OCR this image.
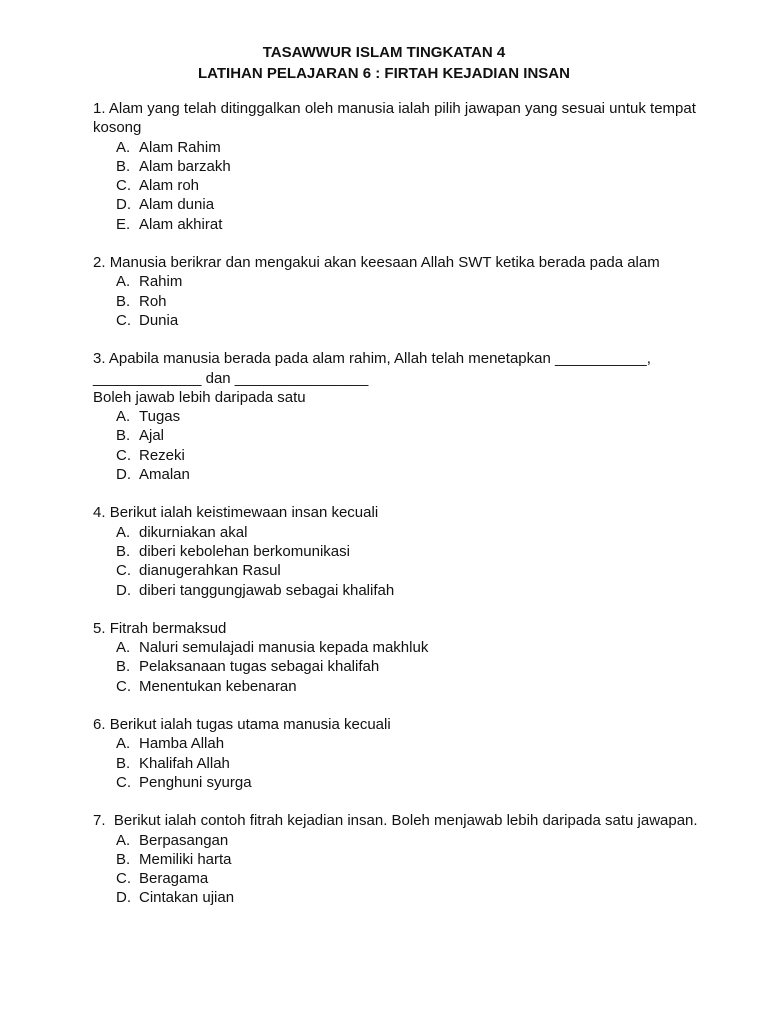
TASAWWUR ISLAM TINGKATAN 4
LATIHAN PELAJARAN 6 : FIRTAH KEJADIAN INSAN
1. Alam yang telah ditinggalkan oleh manusia ialah pilih jawapan yang sesuai untuk tempat
kosong
A. Alam Rahim
B. Alam barzakh
C. Alam roh
D. Alam dunia
E. Alam akhirat
2. Manusia berikrar dan mengakui akan keesaan Allah SWT ketika berada pada alam
A. Rahim
B. Roh
C. Dunia
3. Apabila manusia berada pada alam rahim, Allah telah menetapkan ___________,
_____________ dan ________________
Boleh jawab lebih daripada satu
A. Tugas
B. Ajal
C. Rezeki
D. Amalan
4. Berikut ialah keistimewaan insan kecuali
A. dikurniakan akal
B. diberi kebolehan berkomunikasi
C. dianugerahkan Rasul
D. diberi tanggungjawab sebagai khalifah
5. Fitrah bermaksud
A. Naluri semulajadi manusia kepada makhluk
B. Pelaksanaan tugas sebagai khalifah
C. Menentukan kebenaran
6. Berikut ialah tugas utama manusia kecuali
A. Hamba Allah
B. Khalifah Allah
C. Penghuni syurga
7.  Berikut ialah contoh fitrah kejadian insan. Boleh menjawab lebih daripada satu jawapan.
A. Berpasangan
B. Memiliki harta
C. Beragama
D. Cintakan ujian
